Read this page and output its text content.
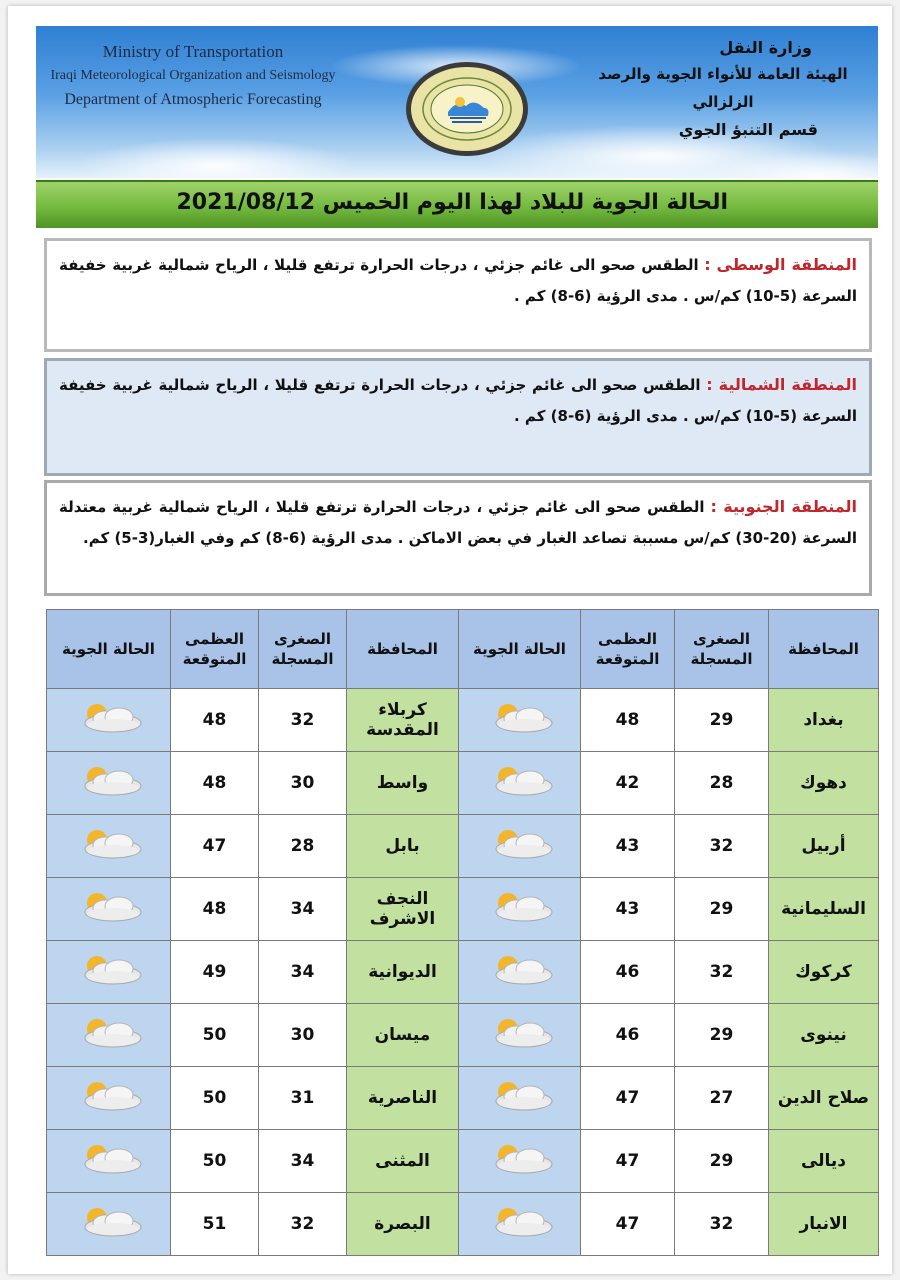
Ministry of Transportation
Iraqi Meteorological Organization and Seismology
Department of Atmospheric Forecasting
وزارة النقل
الهيئة العامة للأنواء الجوية والرصد الزلزالي
قسم التنبؤ الجوي
الحالة الجوية للبلاد لهذا اليوم الخميس 2021/08/12
المنطقة الوسطى : الطقس صحو الى غائم جزئي ، درجات الحرارة ترتفع قليلا ، الرياح شمالية غربية خفيفة السرعة (5-10) كم/س . مدى الرؤية (6-8) كم .
المنطقة الشمالية : الطقس صحو الى غائم جزئي ، درجات الحرارة ترتفع قليلا ، الرياح شمالية غربية خفيفة السرعة (5-10) كم/س . مدى الرؤية (6-8) كم .
المنطقة الجنوبية : الطقس صحو الى غائم جزئي ، درجات الحرارة ترتفع قليلا ، الرياح شمالية غربية معتدلة السرعة (20-30) كم/س مسببة تصاعد الغبار في بعض الاماكن . مدى الرؤية (6-8) كم وفي الغبار(3-5) كم.
المحافظة	الصغرى المسجلة	العظمى المتوقعة	الحالة الجوية	المحافظة	الصغرى المسجلة	العظمى المتوقعة	الحالة الجوية
بغداد	29	48		كربلاء المقدسة	32	48	
دهوك	28	42		واسط	30	48	
أربيل	32	43		بابل	28	47	
السليمانية	29	43		النجف الاشرف	34	48	
كركوك	32	46		الديوانية	34	49	
نينوى	29	46		ميسان	30	50	
صلاح الدين	27	47		الناصرية	31	50	
ديالى	29	47		المثنى	34	50	
الانبار	32	47		البصرة	32	51	
